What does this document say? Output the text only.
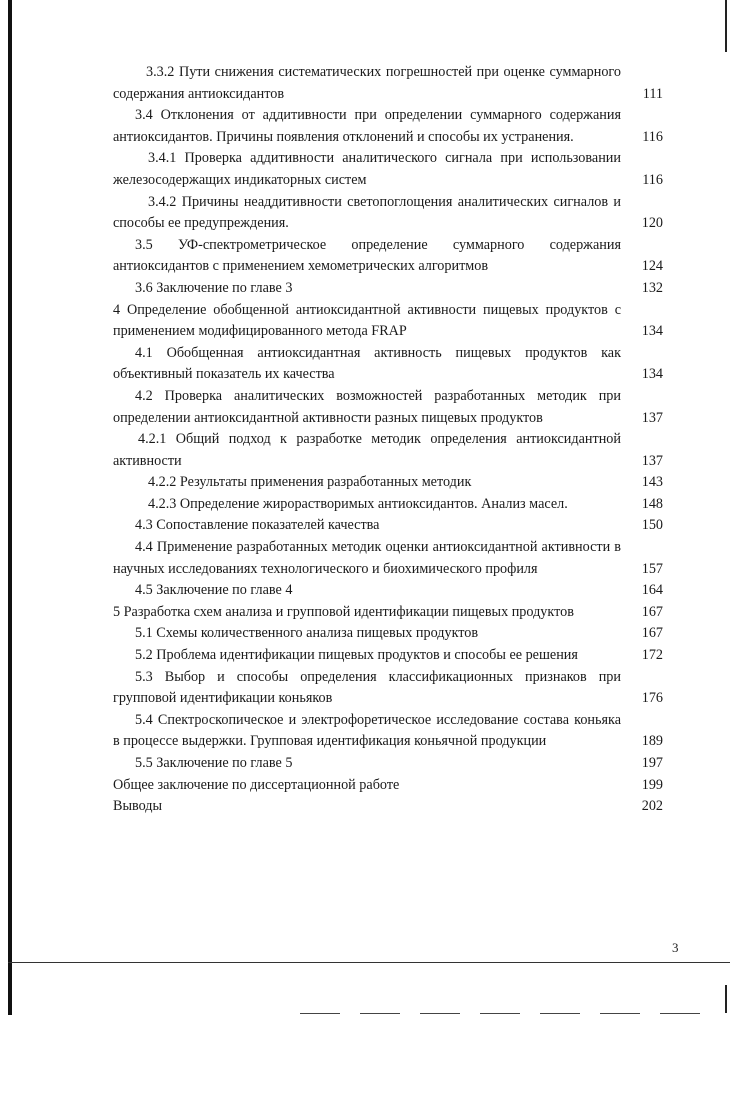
3.3.2 Пути снижения систематических погрешностей при оценке суммарного содержания антиоксидантов	111
3.4 Отклонения от аддитивности при определении суммарного содержания антиоксидантов. Причины появления отклонений и способы их устранения.	116
3.4.1 Проверка аддитивности аналитического сигнала при использовании железосодержащих индикаторных систем	116
3.4.2 Причины неаддитивности светопоглощения аналитических сигналов и способы ее предупреждения.	120
3.5 УФ-спектрометрическое определение суммарного содержания антиоксидантов с применением хемометрических алгоритмов	124
3.6 Заключение по главе 3	132
4 Определение обобщенной антиоксидантной активности пищевых продуктов с применением модифицированного метода FRAP	134
4.1 Обобщенная антиоксидантная активность пищевых продуктов как объективный показатель их качества	134
4.2 Проверка аналитических возможностей разработанных методик при определении антиоксидантной активности разных пищевых продуктов	137
4.2.1 Общий подход к разработке методик определения антиоксидантной активности	137
4.2.2 Результаты применения разработанных методик	143
4.2.3 Определение жирорастворимых антиоксидантов. Анализ масел.	148
4.3 Сопоставление показателей качества	150
4.4 Применение разработанных методик оценки антиоксидантной активности в научных исследованиях технологического и биохимического профиля	157
4.5 Заключение по главе 4	164
5 Разработка схем анализа и групповой идентификации пищевых продуктов	167
5.1 Схемы количественного анализа пищевых продуктов	167
5.2 Проблема идентификации пищевых продуктов и способы ее решения	172
5.3 Выбор и способы определения классификационных признаков при групповой идентификации коньяков	176
5.4 Спектроскопическое и электрофоретическое исследование состава коньяка в процессе выдержки. Групповая идентификация коньячной продукции	189
5.5 Заключение по главе 5	197
Общее заключение по диссертационной работе	199
Выводы	202
3
